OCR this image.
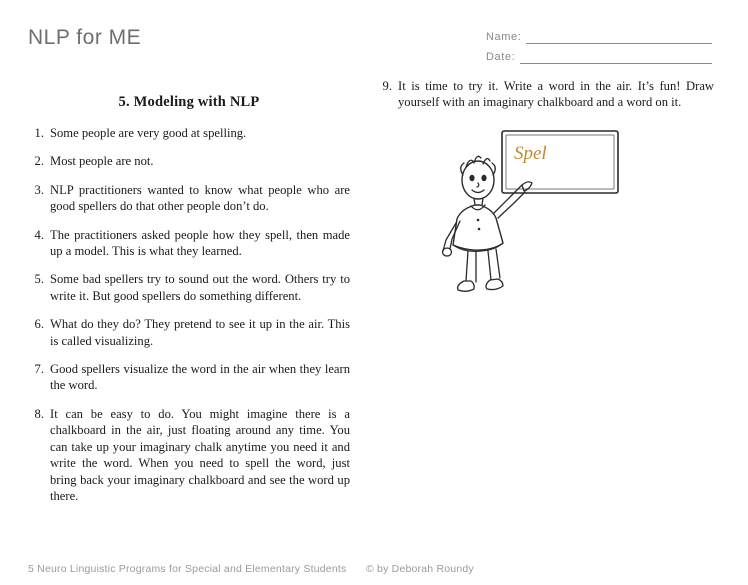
NLP for ME	Name:
Date:
5. Modeling with NLP
1. Some people are very good at spelling.
2. Most people are not.
3. NLP practitioners wanted to know what people who are good spellers do that other people don’t do.
4. The practitioners asked people how they spell, then made up a model. This is what they learned.
5. Some bad spellers try to sound out the word. Others try to write it. But good spellers do something different.
6. What do they do? They pretend to see it up in the air. This is called visualizing.
7. Good spellers visualize the word in the air when they learn the word.
8. It can be easy to do. You might imagine there is a chalkboard in the air, just floating around any time. You can take up your imaginary chalk anytime you need it and write the word. When you need to spell the word, just bring back your imaginary chalkboard and see the word up there.
9. It is time to try it. Write a word in the air. It’s fun! Draw yourself with an imaginary chalkboard and a word on it.
Spel
5 Neuro Linguistic Programs for Special and Elementary Students © by Deborah Roundy
